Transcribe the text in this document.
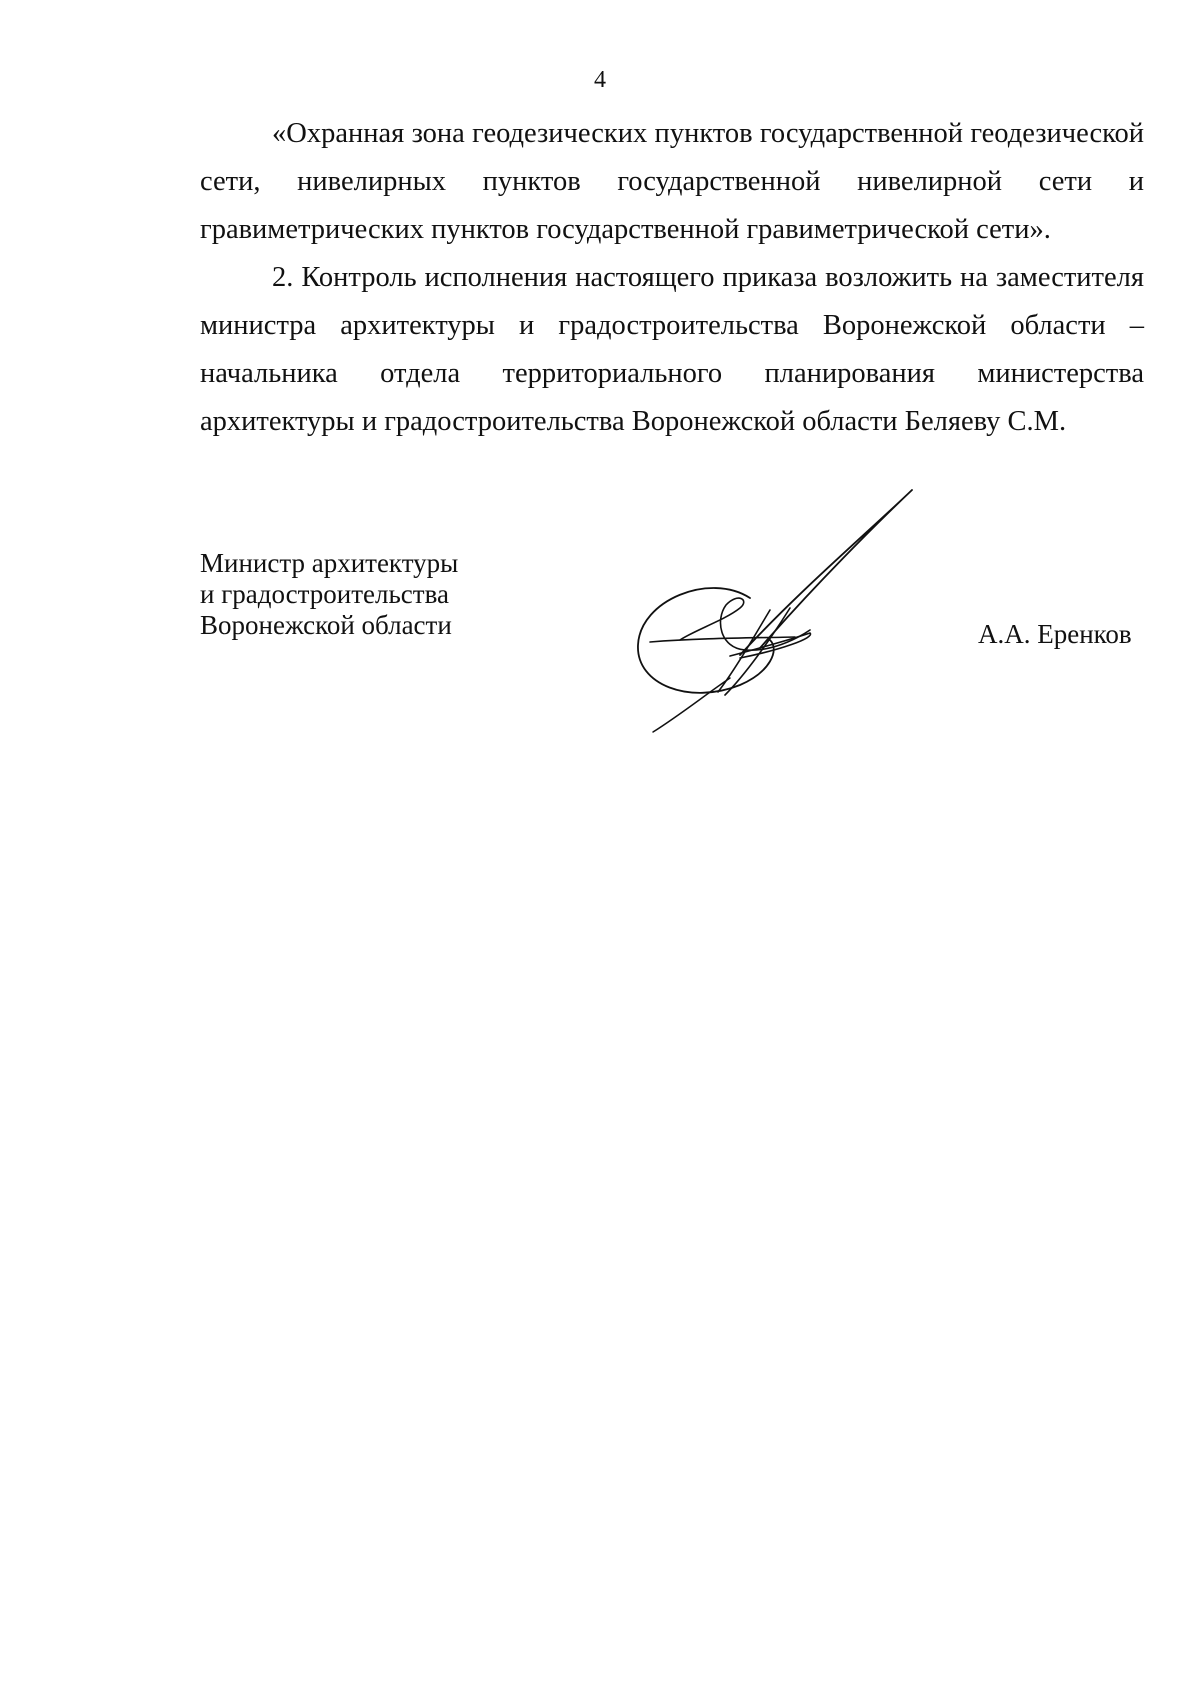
4

«Охранная зона геодезических пунктов государственной геодезической сети, нивелирных пунктов государственной нивелирной сети и гравиметрических пунктов государственной гравиметрической сети».

2. Контроль исполнения настоящего приказа возложить на заместителя министра архитектуры и градостроительства Воронежской области – начальника отдела территориального планирования министерства архитектуры и градостроительства Воронежской области Беляеву С.М.

Министр архитектуры
и градостроительства
Воронежской области	А.А. Еренков
